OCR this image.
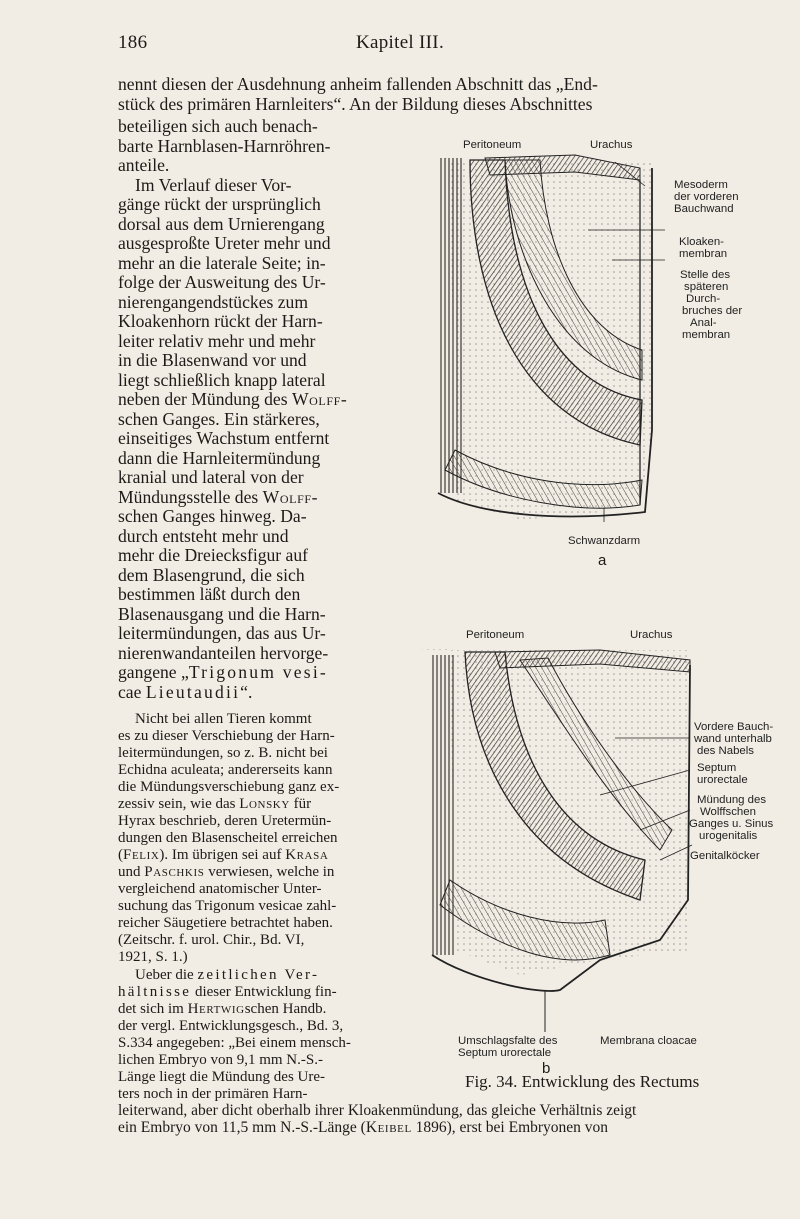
186	Kapitel III.
nennt diesen der Ausdehnung anheim fallenden Abschnitt das „End-
stück des primären Harnleiters“. An der Bildung dieses Abschnittes
beteiligen sich auch benach-
barte Harnblasen-Harnröhren-
anteile.
Im Verlauf dieser Vor-
gänge rückt der ursprünglich
dorsal aus dem Urnierengang
ausgesproßte Ureter mehr und
mehr an die laterale Seite; in-
folge der Ausweitung des Ur-
nierengangendstückes zum
Kloakenhorn rückt der Harn-
leiter relativ mehr und mehr
in die Blasenwand vor und
liegt schließlich knapp lateral
neben der Mündung des Wolff-
schen Ganges. Ein stärkeres,
einseitiges Wachstum entfernt
dann die Harnleitermündung
kranial und lateral von der
Mündungsstelle des Wolff-
schen Ganges hinweg. Da-
durch entsteht mehr und
mehr die Dreiecksfigur auf
dem Blasengrund, die sich
bestimmen läßt durch den
Blasenausgang und die Harn-
leitermündungen, das aus Ur-
nierenwandanteilen hervorge-
gangene „Trigonum vesi-
cae Lieutaudii“.
Nicht bei allen Tieren kommt
es zu dieser Verschiebung der Harn-
leitermündungen, so z. B. nicht bei
Echidna aculeata; andererseits kann
die Mündungsverschiebung ganz ex-
zessiv sein, wie das Lonsky für
Hyrax beschrieb, deren Uretermün-
dungen den Blasenscheitel erreichen
(Felix). Im übrigen sei auf Krasa
und Paschkis verwiesen, welche in
vergleichend anatomischer Unter-
suchung das Trigonum vesicae zahl-
reicher Säugetiere betrachtet haben.
(Zeitschr. f. urol. Chir., Bd. VI,
1921, S. 1.)
Ueber die zeitlichen Ver-
hältnisse dieser Entwicklung fin-
det sich im Hertwigschen Handb.
der vergl. Entwicklungsgesch., Bd. 3,
S.334 angegeben: „Bei einem mensch-
lichen Embryo von 9,1 mm N.-S.-
Länge liegt die Mündung des Ure-
ters noch in der primären Harn-
leiterwand, aber dicht oberhalb ihrer Kloakenmündung, das gleiche Verhältnis zeigt
ein Embryo von 11,5 mm N.-S.-Länge (Keibel 1896), erst bei Embryonen von
Peritoneum	Urachus
Mesoderm
der vorderen
Bauchwand
Kloaken-
membran
Stelle des
späteren
Durch-
bruches der
Anal-
membran
Schwanzdarm
a
Peritoneum	Urachus
Vordere Bauch-
wand unterhalb
des Nabels
Septum
urorectale
Mündung des
Wolffschen
Ganges u. Sinus
urogenitalis
Genitalköcker
Umschlagsfalte des
Septum urorectale
Membrana cloacae
b
Fig. 34. Entwicklung des Rectums
